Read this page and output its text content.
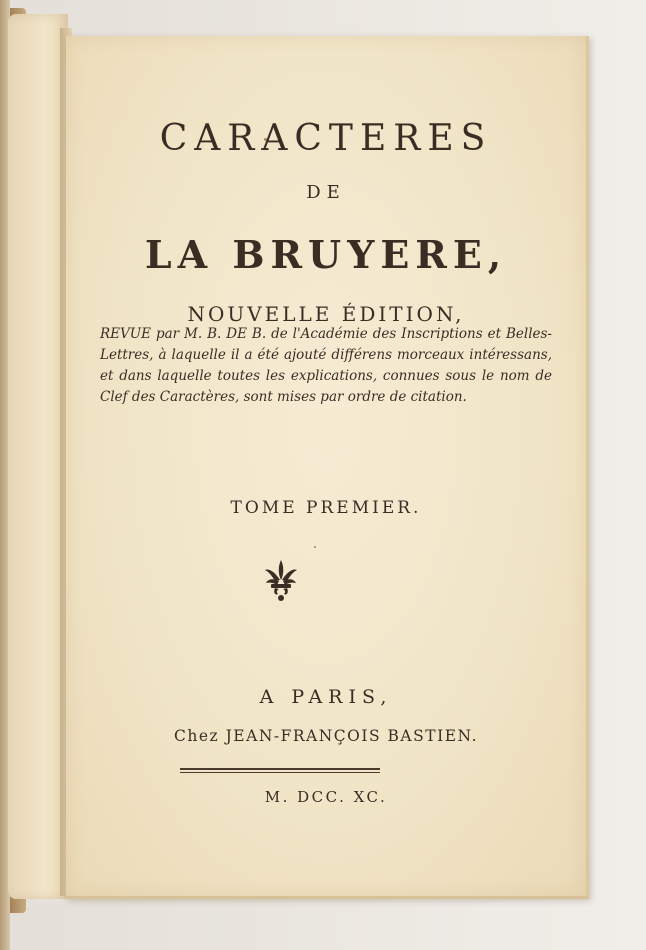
CARACTERES
DE
LA BRUYERE,
NOUVELLE ÉDITION,
REVUE par M. B. DE B. de l'Académie des Inscriptions et Belles-Lettres, à laquelle il a été ajouté différens morceaux intéressans, et dans laquelle toutes les explications, connues sous le nom de Clef des Caractères, sont mises par ordre de citation.
TOME PREMIER.
A PARIS,
Chez JEAN-FRANÇOIS BASTIEN.
M. DCC. XC.
